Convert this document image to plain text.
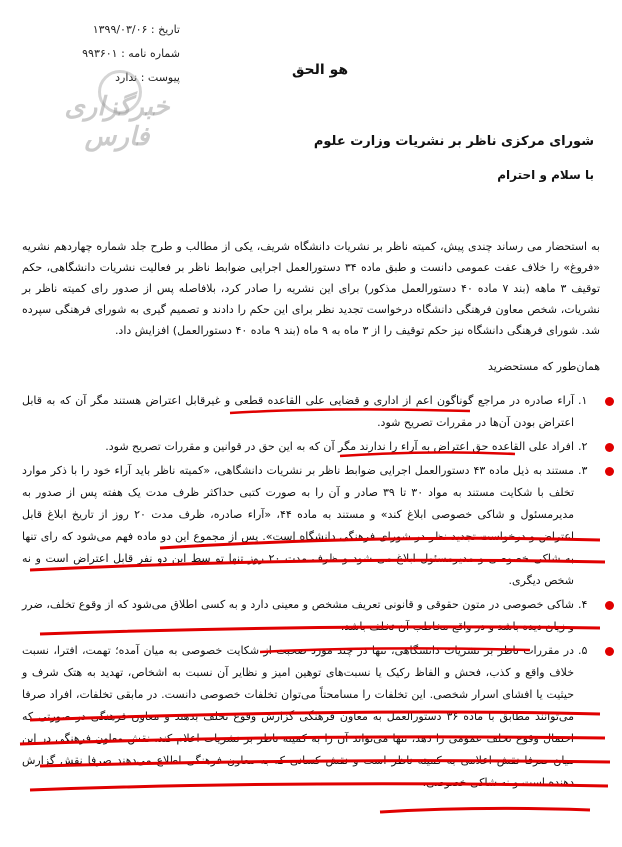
تاریخ : ۱۳۹۹/۰۳/۰۶
شماره نامه : ۹۹۳۶۰۱
پیوست : ندارد
خبرگزاری فارس
هو الحق
شورای مرکزی ناظر بر نشریات وزارت علوم
با سلام و احترام
به استحضار می رساند چندی پیش، کمیته ناظر بر نشریات دانشگاه شریف، یکی از مطالب و طرح جلد شماره چهاردهم نشریه «فروغ» را خلاف عفت عمومی دانست و طبق ماده ۳۴ دستورالعمل اجرایی ضوابط ناظر بر فعالیت نشریات دانشگاهی، حکم توقیف ۳ ماهه (بند ۷ ماده ۴۰ دستورالعمل مذکور) برای این نشریه را صادر کرد، بلافاصله پس از صدور رای کمیته ناظر بر نشریات، شخص معاون فرهنگی دانشگاه درخواست تجدید نظر برای این حکم را دادند و تصمیم گیری به شورای فرهنگی سپرده شد. شورای فرهنگی دانشگاه نیز حکم توقیف را از ۳ ماه به ۹ ماه (بند ۹ ماده ۴۰ دستورالعمل) افزایش داد.
همان‌طور که مستحضرید
۱.
آراء صادره در مراجع گوناگون اعم از اداری و قضایی علی القاعده قطعی و غیرقابل اعتراض هستند مگر آن که به قابل اعتراض بودن آن‌ها در مقررات تصریح شود.
۲.
افراد علی القاعده حق اعتراض به آراء را ندارند مگر آن که به این حق در قوانین و مقررات تصریح شود.
۳.
مستند به ذیل ماده ۴۳ دستورالعمل اجرایی ضوابط ناظر بر نشریات دانشگاهی، «کمیته ناظر باید آراء خود را با ذکر موارد تخلف با شکایت مستند به مواد ۳۰ تا ۳۹ صادر و آن را به صورت کتبی حداکثر ظرف مدت یک هفته پس از صدور به مدیرمسئول و شاکی خصوصی ابلاغ کند» و مستند به ماده ۴۴، «آراء صادره، ظرف مدت ۲۰ روز از تاریخ ابلاغ قابل اعتراض و درخواست تجدید نظر در شورای فرهنگی دانشگاه است». پس از مجموع این دو ماده فهم می‌شود که رای تنها به شاکی خصوصی و مدیرمسئول ابلاغ می شود و ظرف مدت ۲۰ روز تنها تو سط این دو نفر قابل اعتراض است و نه شخص دیگری.
۴.
شاکی خصوصی در متون حقوقی و قانونی تعریف مشخص و معینی دارد و به کسی اطلاق می‌شود که از وقوع تخلف، ضرر و زیان دیده باشد و در واقع مخاطب آن تخلف باشد.
۵.
در مقررات ناظر بر نشریات دانشگاهی، تنها در چند مورد صحبت از شکایت خصوصی به میان آمده؛ تهمت، افترا، نسبت خلاف واقع و کذب، فحش و الفاظ رکیک یا نسبت‌های توهین امیز و نظایر آن نسبت به اشخاص، تهدید به هتک شرف و حیثیت یا افشای اسرار شخصی. این تخلفات را مسامحتاً می‌توان تخلفات خصوصی دانست. در مابقی تخلفات، افراد صرفا می‌توانند مطابق با ماده ۳۶ دستورالعمل به معاون فرهنگی گزارش وقوع تخلف بدهند و معاون فرهنگی در صورتی که احتمال وقوع تخلف عمومی را دهد، تنها می‌تواند آن را به کمیته ناظر بر نشریات اعلام کند. نقش معاون فرهنگی در این میان صرفا نقش اعلامی به کمیته ناظر است و نقش کسانی که به معاون فرهنگی اطلاع می‌دهند صرفا نقش گزارش دهنده است و نه شاکی خصوصی.
